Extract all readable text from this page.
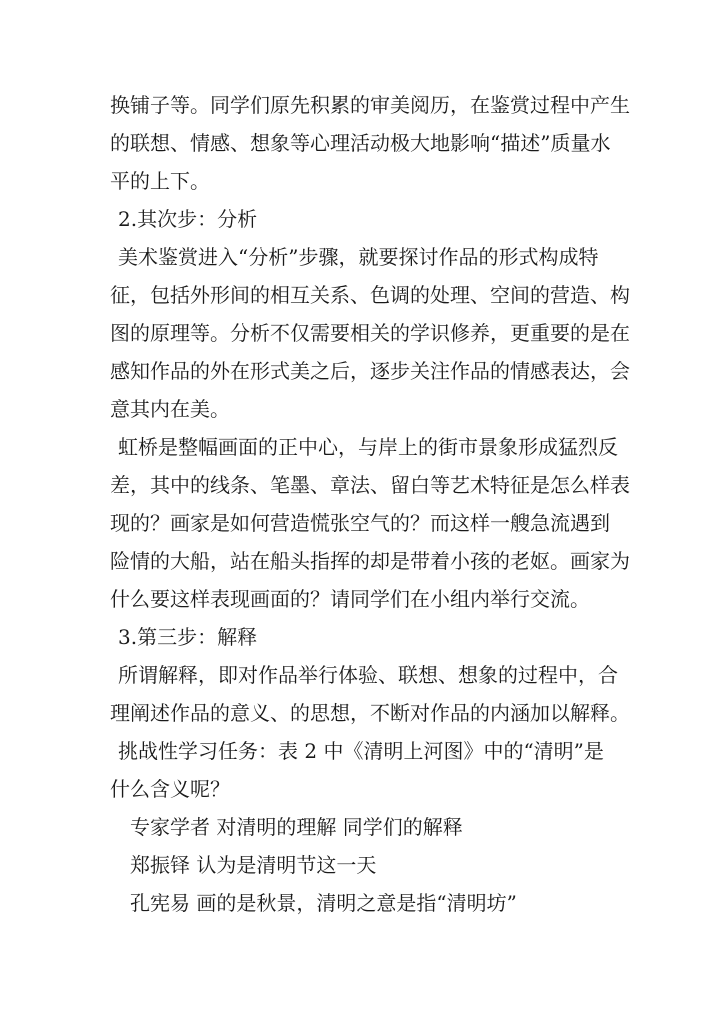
换铺子等。同学们原先积累的审美阅历，在鉴赏过程中产生
的联想、情感、想象等心理活动极大地影响“描述”质量水
平的上下。
2.其次步：分析
美术鉴赏进入“分析”步骤，就要探讨作品的形式构成特
征，包括外形间的相互关系、色调的处理、空间的营造、构
图的原理等。分析不仅需要相关的学识修养，更重要的是在
感知作品的外在形式美之后，逐步关注作品的情感表达，会
意其内在美。
虹桥是整幅画面的正中心，与岸上的街市景象形成猛烈反
差，其中的线条、笔墨、章法、留白等艺术特征是怎么样表
现的？画家是如何营造慌张空气的？而这样一艘急流遇到
险情的大船，站在船头指挥的却是带着小孩的老妪。画家为
什么要这样表现画面的？请同学们在小组内举行交流。
3.第三步：解释
所谓解释，即对作品举行体验、联想、想象的过程中，合
理阐述作品的意义、的思想，不断对作品的内涵加以解释。
挑战性学习任务：表 2 中《清明上河图》中的“清明”是
什么含义呢？
专家学者 对清明的理解 同学们的解释
郑振铎 认为是清明节这一天
孔宪易 画的是秋景，清明之意是指“清明坊”
